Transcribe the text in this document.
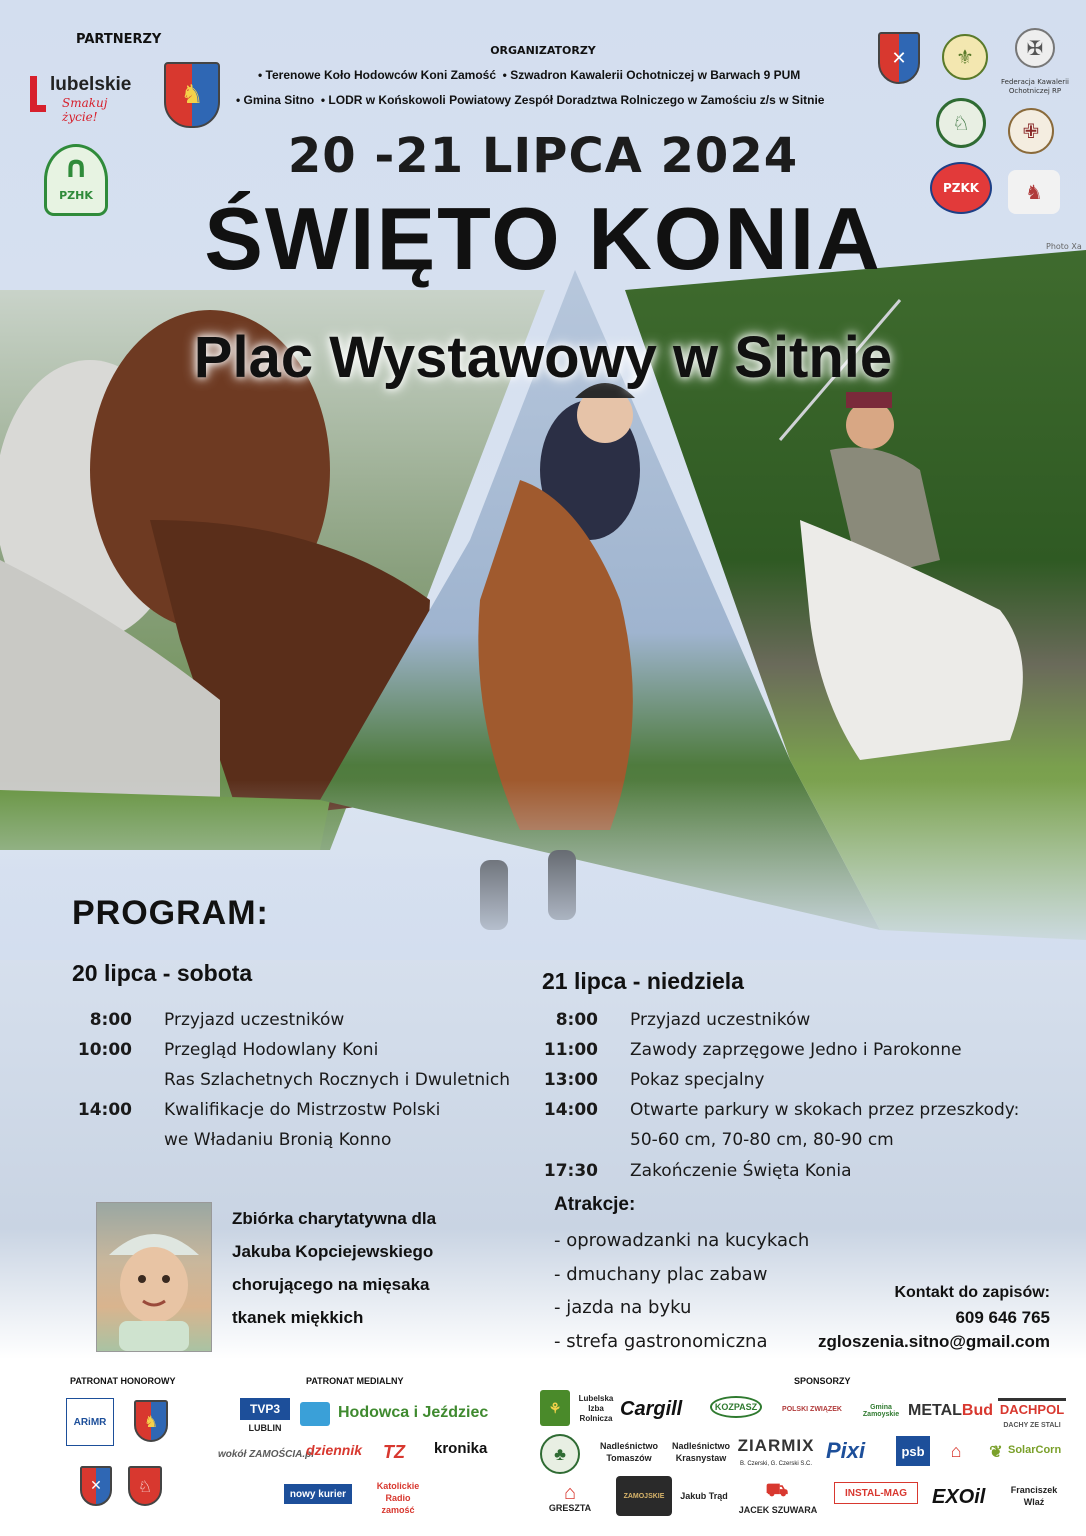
PARTNERZY
lubelskie
Smakuj życie!
♞
∩
PZHK
ORGANIZATORZY
• Terenowe Koło Hodowców Koni Zamość  • Szwadron Kawalerii Ochotniczej w Barwach 9 PUM
• Gmina Sitno  • LODR w Końskowoli Powiatowy Zespół Doradztwa Rolniczego w Zamościu z/s w Sitnie
✕	⚜	✠
Federacja Kawalerii Ochotniczej RP
♘	✙
PZKK	♞
20 -21 LIPCA 2024
ŚWIĘTO KONIA
Plac Wystawowy w Sitnie
Photo Xa
PROGRAM:
20 lipca - sobota	21 lipca - niedziela
8:00 Przyjazd uczestników
10:00 Przegląd Hodowlany Koni
Ras Szlachetnych Rocznych i Dwuletnich
14:00 Kwalifikacje do Mistrzostw Polski
we Władaniu Bronią Konno
8:00 Przyjazd uczestników
11:00 Zawody zaprzęgowe Jedno i Parokonne
13:00 Pokaz specjalny
14:00 Otwarte parkury w skokach przez przeszkody:
50-60 cm, 70-80 cm, 80-90 cm
17:30 Zakończenie Święta Konia
Zbiórka charytatywna dla
Jakuba Kopciejewskiego
chorującego na mięsaka
tkanek miękkich
Atrakcje:
- oprowadzanki na kucykach
- dmuchany plac zabaw
- jazda na byku
- strefa gastronomiczna
Kontakt do zapisów:
609 646 765
zgloszenia.sitno@gmail.com
PATRONAT HONOROWY	PATRONAT MEDIALNY	SPONSORZY
ARiMR	♞
✕	♘
TVP3
LUBLIN
Hodowca i Jeździec
wokół ZAMOŚCIA.pl
dziennik	TZ	kronika
nowy kurier
Katolickie Radio zamość
⚘
Lubelska Izba Rolnicza Cargill	KOZPASZ	POLSKI ZWIĄZEK	Gmina Zamoyskie METAL Bud DACHPOL
DACHY ZE STALI
♣	Nadleśnictwo
Tomaszów
Nadleśnictwo
Krasnystaw
ZIARMIX
B. Czerski, G. Czerski S.C.
Pixi	psb	⌂	❦ SolarCorn
⌂
GRESZTA
ZAMOJSKIE	Jakub Trąd	⛟
JACEK SZUWARA
INSTAL-MAG	EXOil	Franciszek
Wlaź
